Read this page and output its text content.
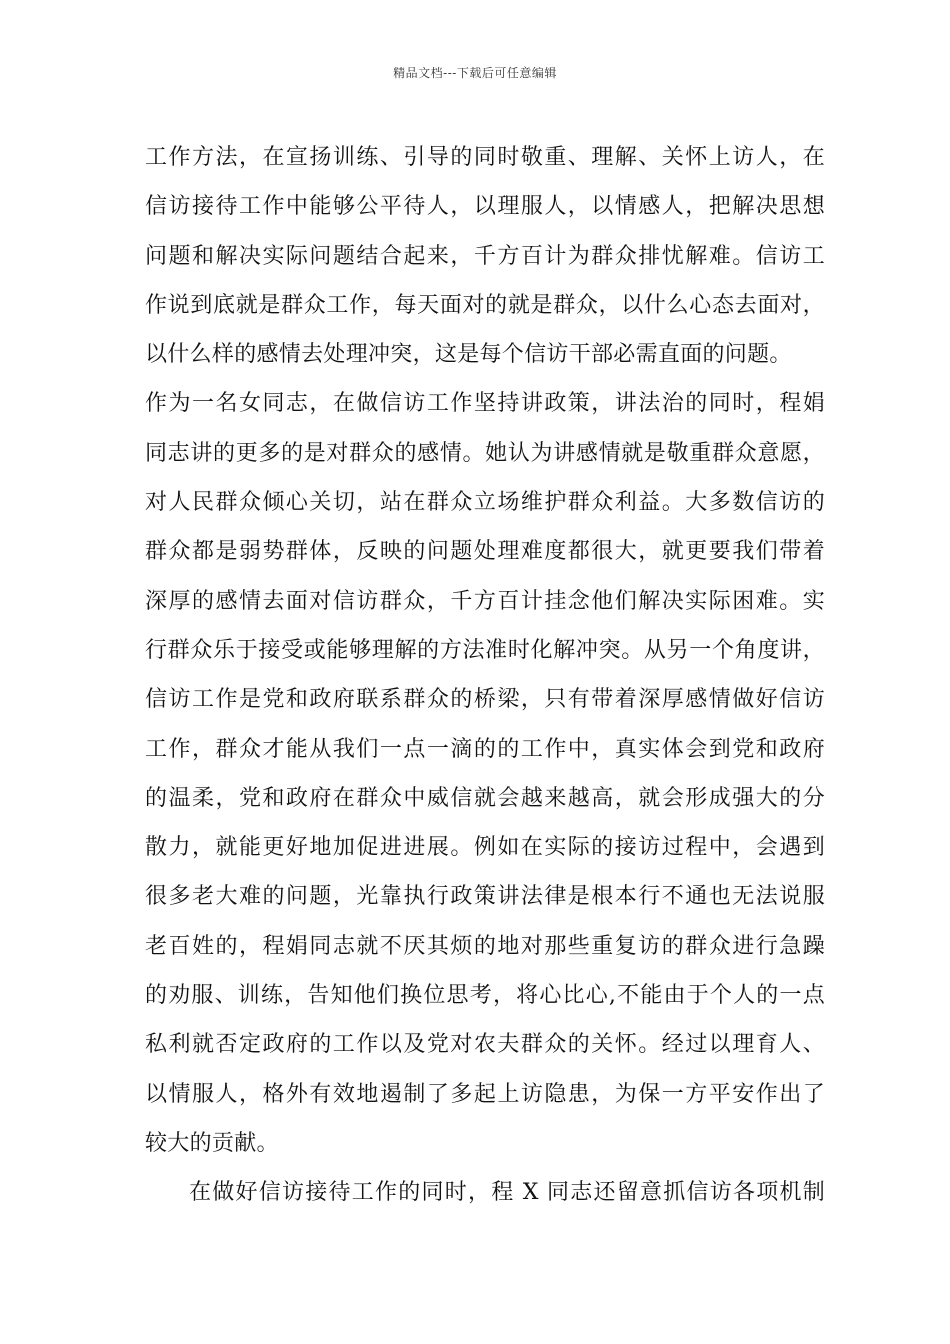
精品文档---下载后可任意编辑
工作方法，在宣扬训练、引导的同时敬重、理解、关怀上访人，在
信访接待工作中能够公平待人，以理服人，以情感人，把解决思想
问题和解决实际问题结合起来，千方百计为群众排忧解难。信访工
作说到底就是群众工作，每天面对的就是群众，以什么心态去面对，
以什么样的感情去处理冲突，这是每个信访干部必需直面的问题。
作为一名女同志，在做信访工作坚持讲政策，讲法治的同时，程娟
同志讲的更多的是对群众的感情。她认为讲感情就是敬重群众意愿，
对人民群众倾心关切，站在群众立场维护群众利益。大多数信访的
群众都是弱势群体，反映的问题处理难度都很大，就更要我们带着
深厚的感情去面对信访群众，千方百计挂念他们解决实际困难。实
行群众乐于接受或能够理解的方法准时化解冲突。从另一个角度讲，
信访工作是党和政府联系群众的桥梁，只有带着深厚感情做好信访
工作，群众才能从我们一点一滴的的工作中，真实体会到党和政府
的温柔，党和政府在群众中威信就会越来越高，就会形成强大的分
散力，就能更好地加促进进展。例如在实际的接访过程中，会遇到
很多老大难的问题，光靠执行政策讲法律是根本行不通也无法说服
老百姓的，程娟同志就不厌其烦的地对那些重复访的群众进行急躁
的劝服、训练，告知他们换位思考，将心比心,不能由于个人的一点
私利就否定政府的工作以及党对农夫群众的关怀。经过以理育人、
以情服人，格外有效地遏制了多起上访隐患，为保一方平安作出了
较大的贡献。
在做好信访接待工作的同时，程 X 同志还留意抓信访各项机制
